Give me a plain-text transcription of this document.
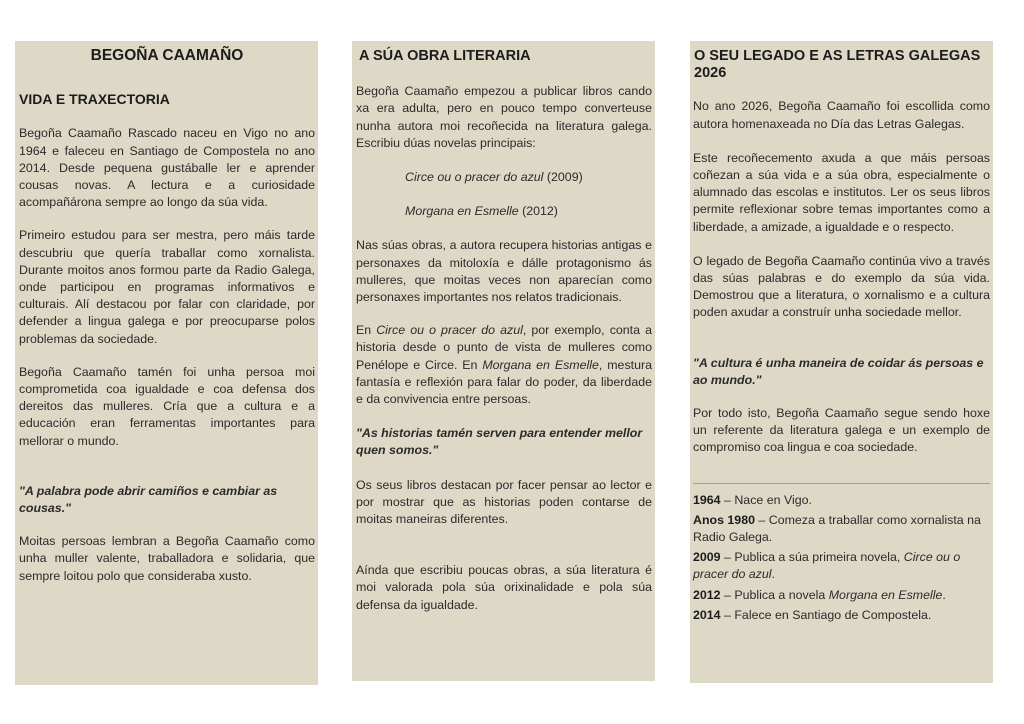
BEGOÑA CAAMAÑO
VIDA E TRAXECTORIA

Begoña Caamaño Rascado naceu en Vigo no ano 1964 e faleceu en Santiago de Compostela no ano 2014. Desde pequena gustáballe ler e aprender cousas novas. A lectura e a curiosidade acompañárona sempre ao longo da súa vida.

Primeiro estudou para ser mestra, pero máis tarde descubriu que quería traballar como xornalista. Durante moitos anos formou parte da Radio Galega, onde participou en programas informativos e culturais. Alí destacou por falar con claridade, por defender a lingua galega e por preocuparse polos problemas da sociedade.

Begoña Caamaño tamén foi unha persoa moi comprometida coa igualdade e coa defensa dos dereitos das mulleres. Cría que a cultura e a educación eran ferramentas importantes para mellorar o mundo.

"A palabra pode abrir camiños e cambiar as cousas."

Moitas persoas lembran a Begoña Caamaño como unha muller valente, traballadora e solidaria, que sempre loitou polo que consideraba xusto.

A SÚA OBRA LITERARIA

Begoña Caamaño empezou a publicar libros cando xa era adulta, pero en pouco tempo converteuse nunha autora moi recoñecida na literatura galega. Escribiu dúas novelas principais:

Circe ou o pracer do azul (2009)

Morgana en Esmelle (2012)

Nas súas obras, a autora recupera historias antigas e personaxes da mitoloxía e dálle protagonismo ás mulleres, que moitas veces non aparecían como personaxes importantes nos relatos tradicionais.

En Circe ou o pracer do azul, por exemplo, conta a historia desde o punto de vista de mulleres como Penélope e Circe. En Morgana en Esmelle, mestura fantasía e reflexión para falar do poder, da liberdade e da convivencia entre persoas.

"As historias tamén serven para entender mellor quen somos."

Os seus libros destacan por facer pensar ao lector e por mostrar que as historias poden contarse de moitas maneiras diferentes.

Aínda que escribiu poucas obras, a súa literatura é moi valorada pola súa orixinalidade e pola súa defensa da igualdade.

O SEU LEGADO E AS LETRAS GALEGAS 2026

No ano 2026, Begoña Caamaño foi escollida como autora homenaxeada no Día das Letras Galegas.

Este recoñecemento axuda a que máis persoas coñezan a súa vida e a súa obra, especialmente o alumnado das escolas e institutos. Ler os seus libros permite reflexionar sobre temas importantes como a liberdade, a amizade, a igualdade e o respecto.

O legado de Begoña Caamaño continúa vivo a través das súas palabras e do exemplo da súa vida. Demostrou que a literatura, o xornalismo e a cultura poden axudar a construír unha sociedade mellor.

"A cultura é unha maneira de coidar ás persoas e ao mundo."

Por todo isto, Begoña Caamaño segue sendo hoxe un referente da literatura galega e un exemplo de compromiso coa lingua e coa sociedade.

1964 – Nace en Vigo.

Anos 1980 – Comeza a traballar como xornalista na Radio Galega.

2009 – Publica a súa primeira novela, Circe ou o pracer do azul.

2012 – Publica a novela Morgana en Esmelle.

2014 – Falece en Santiago de Compostela.
